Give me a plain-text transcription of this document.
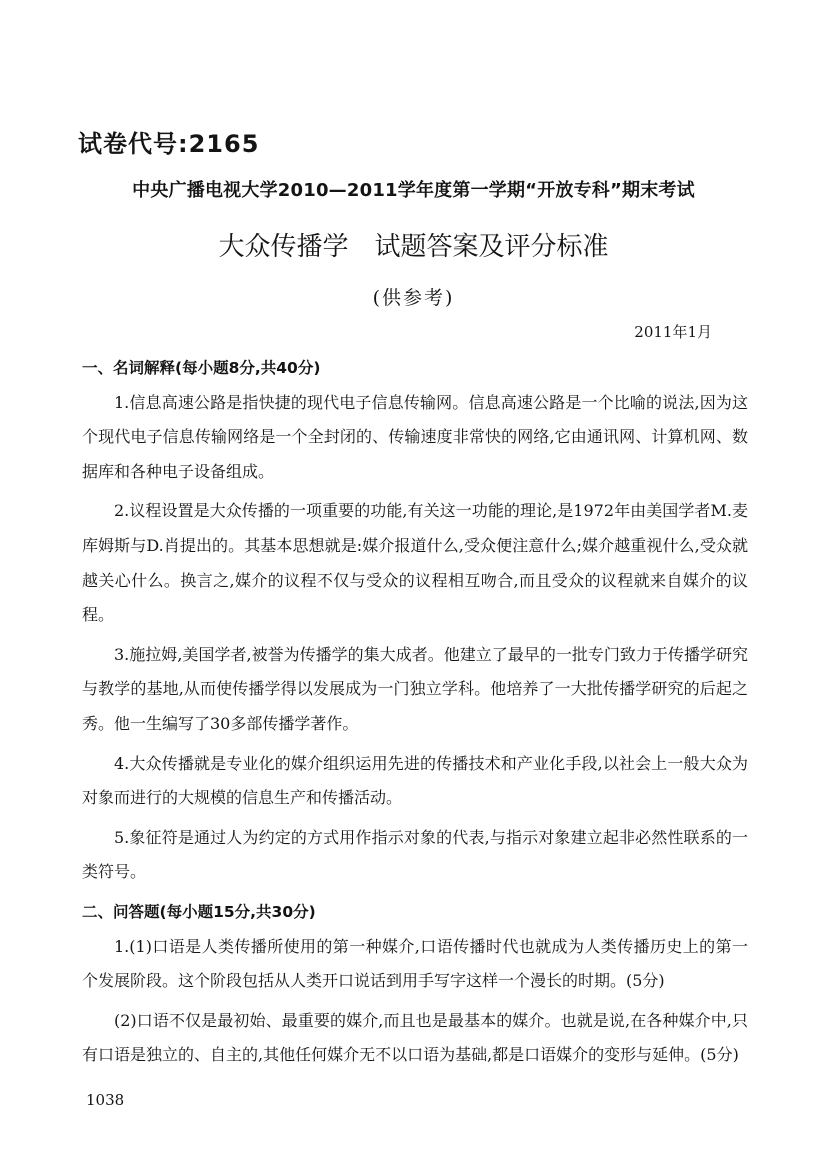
试卷代号:2165
中央广播电视大学2010—2011学年度第一学期“开放专科”期末考试
大众传播学　试题答案及评分标准
(供参考)
2011年1月

一、名词解释(每小题8分,共40分)

1.信息高速公路是指快捷的现代电子信息传输网。信息高速公路是一个比喻的说法,因为这个现代电子信息传输网络是一个全封闭的、传输速度非常快的网络,它由通讯网、计算机网、数据库和各种电子设备组成。

2.议程设置是大众传播的一项重要的功能,有关这一功能的理论,是1972年由美国学者M.麦库姆斯与D.肖提出的。其基本思想就是:媒介报道什么,受众便注意什么;媒介越重视什么,受众就越关心什么。换言之,媒介的议程不仅与受众的议程相互吻合,而且受众的议程就来自媒介的议程。

3.施拉姆,美国学者,被誉为传播学的集大成者。他建立了最早的一批专门致力于传播学研究与教学的基地,从而使传播学得以发展成为一门独立学科。他培养了一大批传播学研究的后起之秀。他一生编写了30多部传播学著作。

4.大众传播就是专业化的媒介组织运用先进的传播技术和产业化手段,以社会上一般大众为对象而进行的大规模的信息生产和传播活动。

5.象征符是通过人为约定的方式用作指示对象的代表,与指示对象建立起非必然性联系的一类符号。

二、问答题(每小题15分,共30分)

1.(1)口语是人类传播所使用的第一种媒介,口语传播时代也就成为人类传播历史上的第一个发展阶段。这个阶段包括从人类开口说话到用手写字这样一个漫长的时期。(5分)

(2)口语不仅是最初始、最重要的媒介,而且也是最基本的媒介。也就是说,在各种媒介中,只有口语是独立的、自主的,其他任何媒介无不以口语为基础,都是口语媒介的变形与延伸。(5分)

1038
